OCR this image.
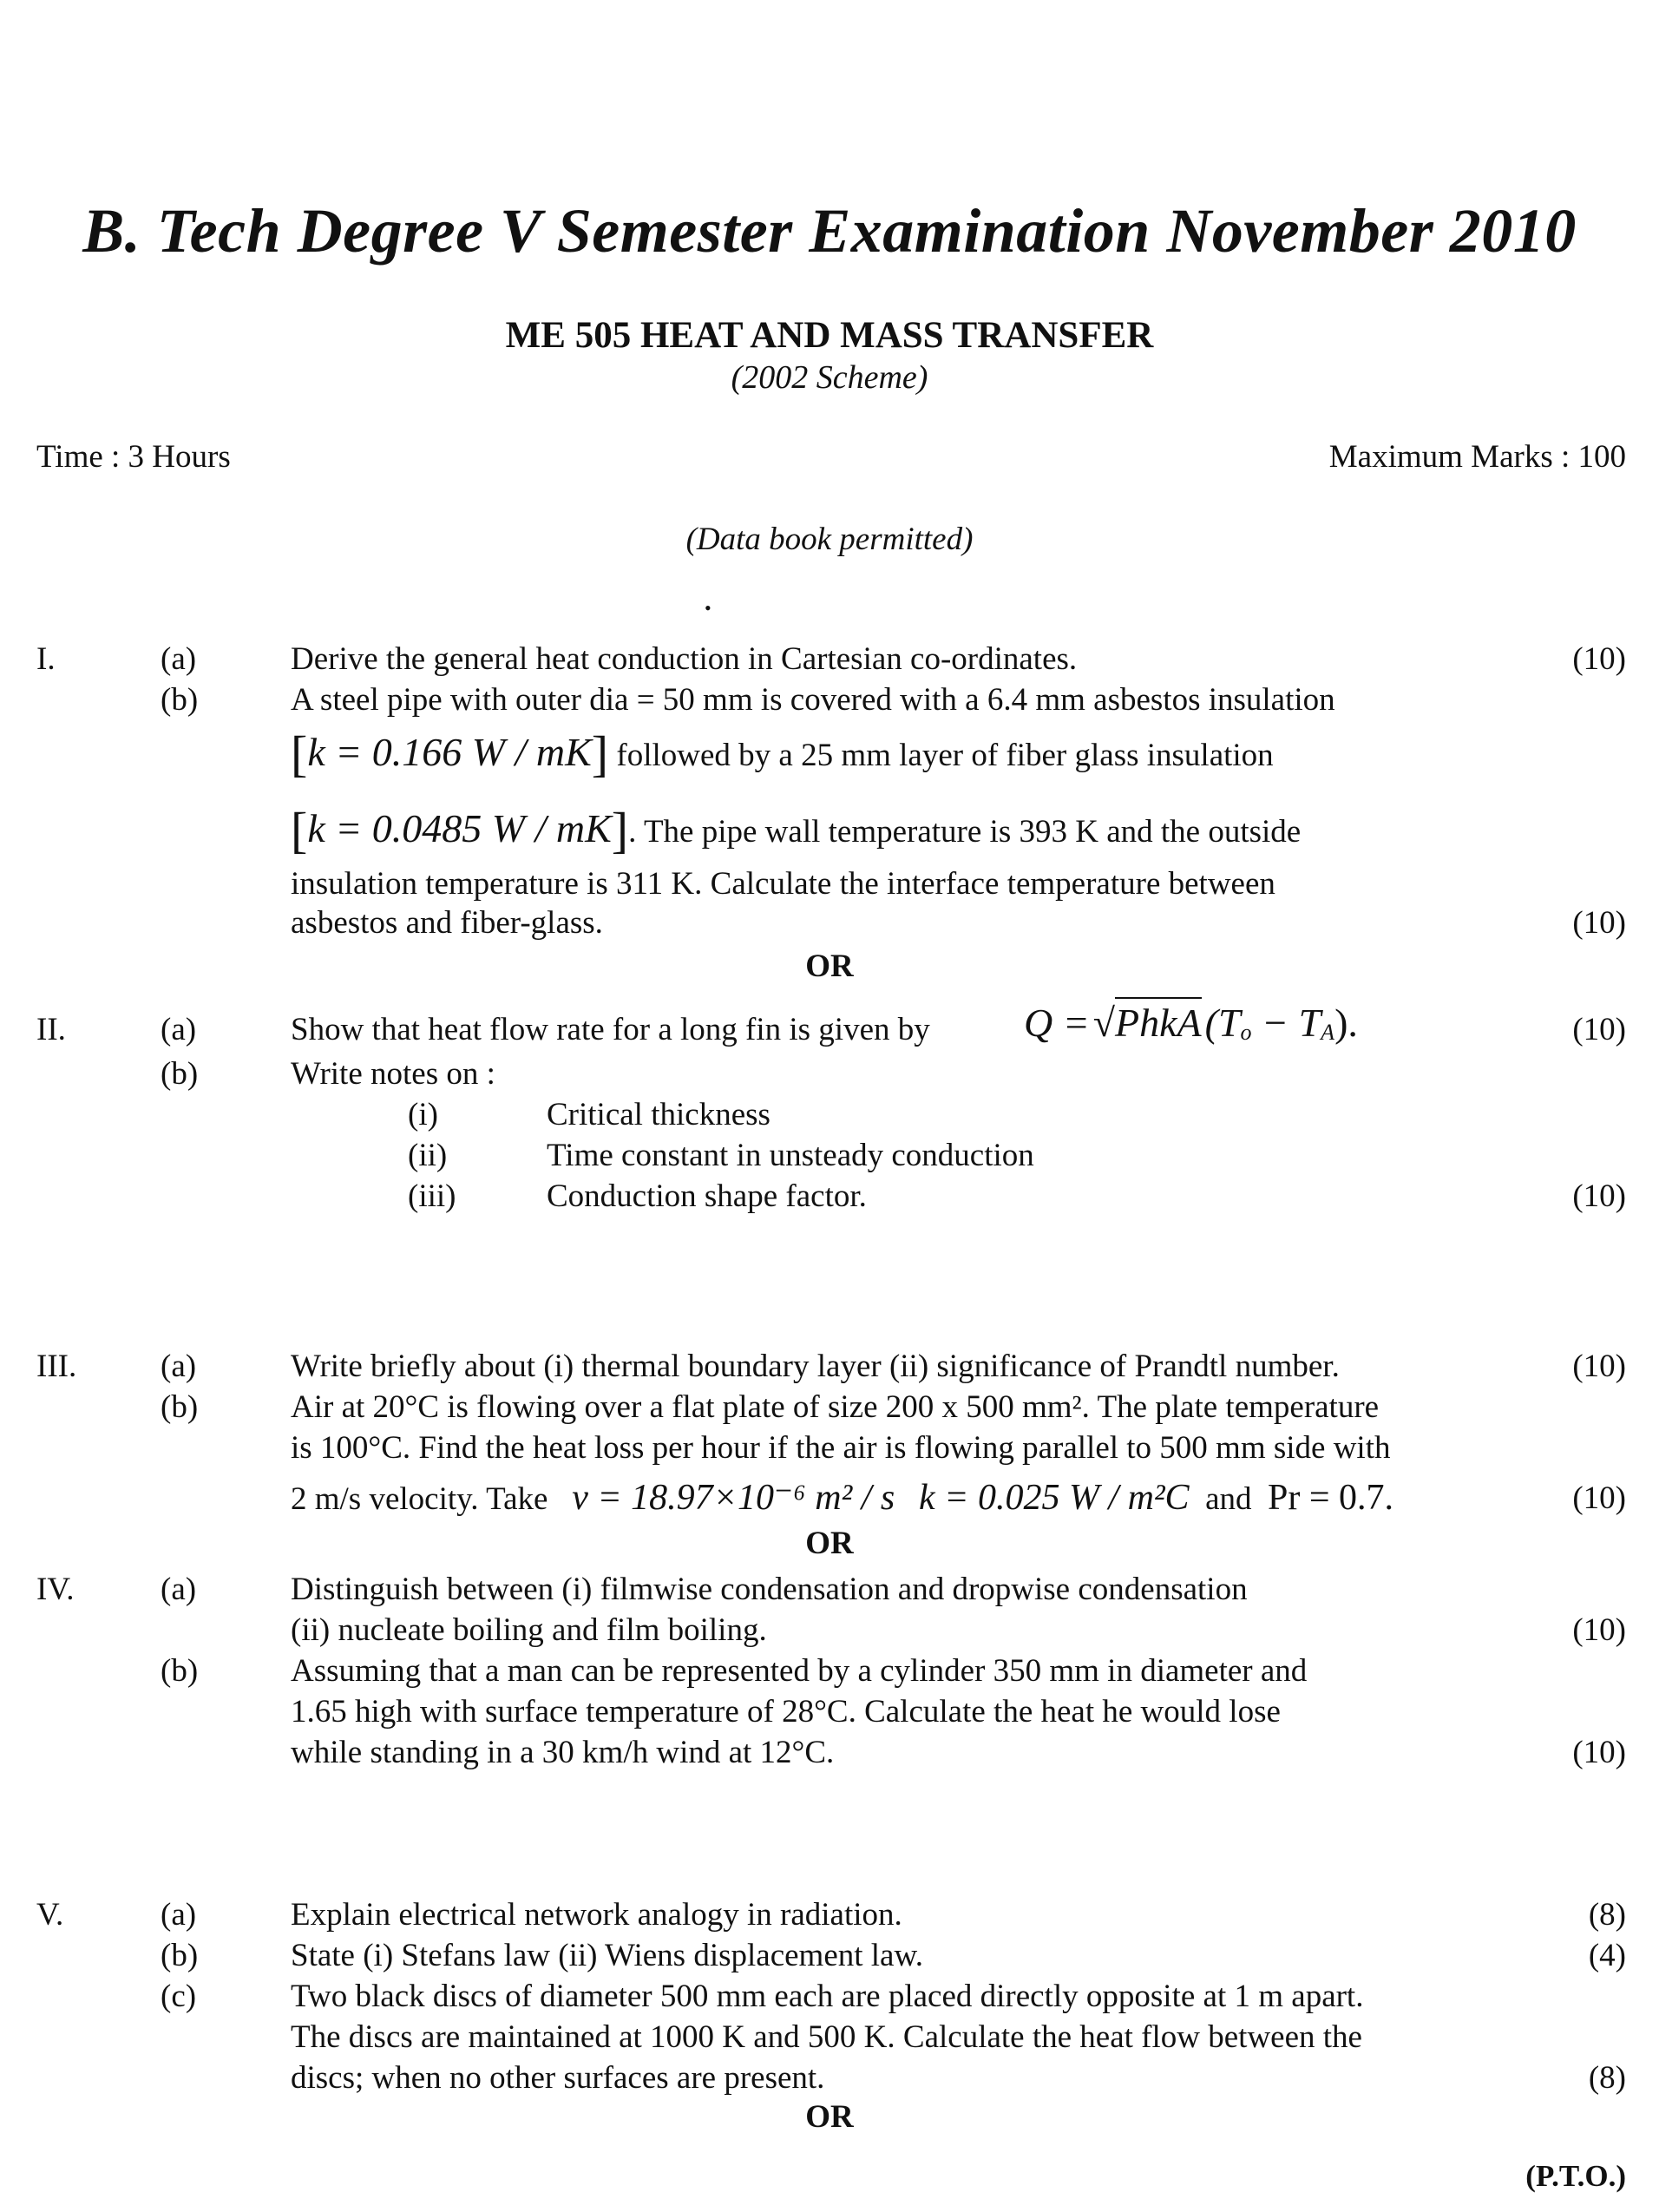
B. Tech Degree V Semester Examination November 2010
ME 505 HEAT AND MASS TRANSFER
(2002 Scheme)
Time : 3 Hours	Maximum Marks : 100
(Data book permitted)
•
I.	(a)	Derive the general heat conduction in Cartesian co-ordinates.	(10)
(b)	A steel pipe with outer dia = 50 mm is covered with a 6.4 mm asbestos insulation
[k = 0.166 W / mK] followed by a 25 mm layer of fiber glass insulation
[k = 0.0485 W / mK]. The pipe wall temperature is 393 K and the outside
insulation temperature is 311 K. Calculate the interface temperature between
asbestos and fiber-glass.	(10)
OR
II.	(a)	Show that heat flow rate for a long fin is given by Q = √PhkA $(T_o - T_A)$.	(10)
(b)	Write notes on :
(i)	Critical thickness
(ii)	Time constant in unsteady conduction
(iii)	Conduction shape factor.	(10)
III.	(a)	Write briefly about (i) thermal boundary layer (ii) significance of Prandtl number.	(10)
(b)	Air at 20°C is flowing over a flat plate of size 200 x 500 mm². The plate temperature
is 100°C. Find the heat loss per hour if the air is flowing parallel to 500 mm side with
2 m/s velocity. Take v = 18.97×10⁻⁶ m² / s k = 0.025 W / m²C and Pr = 0.7.	(10)
OR
IV.	(a)	Distinguish between (i) filmwise condensation and dropwise condensation
(ii) nucleate boiling and film boiling.	(10)
(b)	Assuming that a man can be represented by a cylinder 350 mm in diameter and
1.65 high with surface temperature of 28°C. Calculate the heat he would lose
while standing in a 30 km/h wind at 12°C.	(10)
V.	(a)	Explain electrical network analogy in radiation.	(8)
(b)	State (i) Stefans law (ii) Wiens displacement law.	(4)
(c)	Two black discs of diameter 500 mm each are placed directly opposite at 1 m apart.
The discs are maintained at 1000 K and 500 K. Calculate the heat flow between the
discs; when no other surfaces are present.	(8)
OR
(P.T.O.)
